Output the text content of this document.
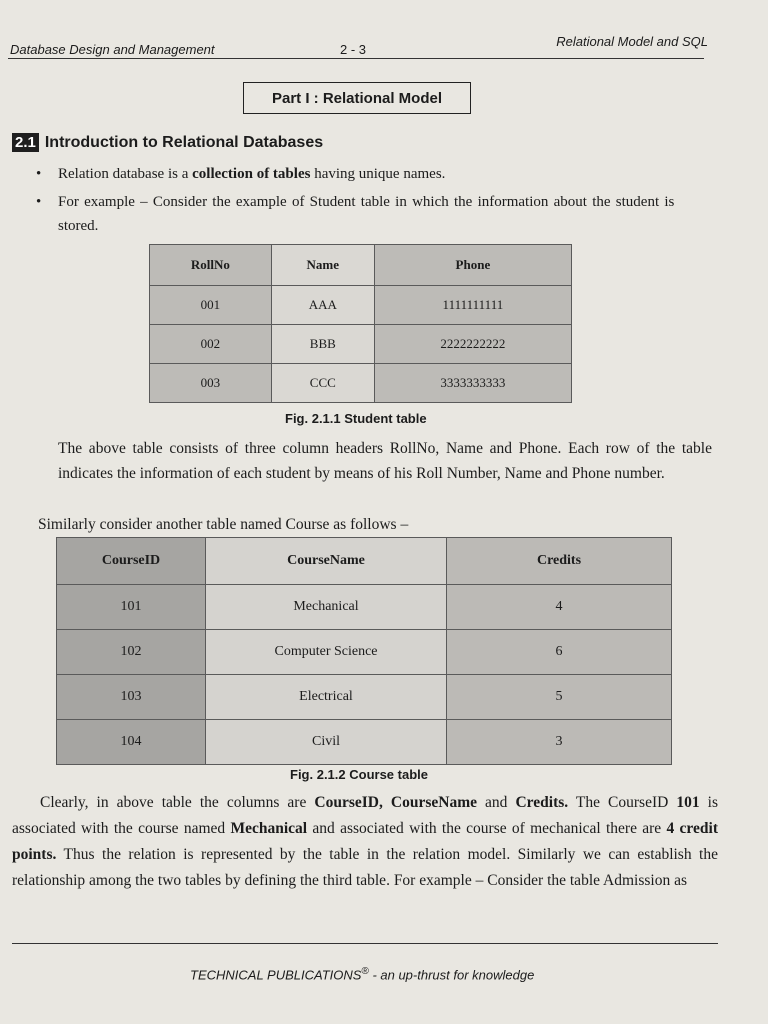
Database Design and Management	2 - 3
Relational Model and SQL
Part I : Relational Model
2.1 Introduction to Relational Databases
• Relation database is a collection of tables having unique names.
• For example – Consider the example of Student table in which the information about the student is stored.
RollNo	Name	Phone
001	AAA	1111111111
002	BBB	2222222222
003	CCC	3333333333
Fig. 2.1.1 Student table
The above table consists of three column headers RollNo, Name and Phone. Each row of the table indicates the information of each student by means of his Roll Number, Name and Phone number.
Similarly consider another table named Course as follows –
CourseID	CourseName	Credits
101	Mechanical	4
102	Computer Science	6
103	Electrical	5
104	Civil	3
Fig. 2.1.2 Course table
Clearly, in above table the columns are CourseID, CourseName and Credits. The CourseID 101 is associated with the course named Mechanical and associated with the course of mechanical there are 4 credit points. Thus the relation is represented by the table in the relation model. Similarly we can establish the relationship among the two tables by defining the third table. For example – Consider the table Admission as
TECHNICAL PUBLICATIONS® - an up-thrust for knowledge
